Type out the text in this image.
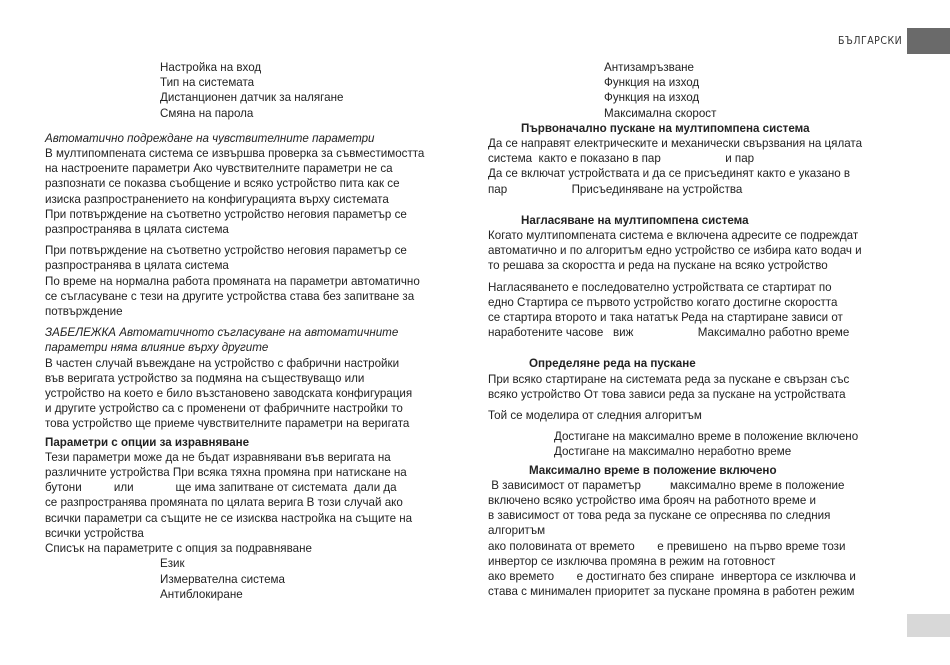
БЪЛГАРСКИ

Настройка на вход

Тип на системата

Дистанционен датчик за налягане

Смяна на парола

Автоматично подреждане на чувствителните параметри

В мултипомпената система се извършва проверка за съвместимостта

на настроените параметри Ако чувствителните параметри не са

разпознати се показва съобщение и всяко устройство пита как се

изиска разпространението на конфигурацията върху системата

При потвърждение на съответно устройство неговия параметър се

разпространява в цялата система

При потвърждение на съответно устройство неговия параметър се

разпространява в цялата система

По време на нормална работа промяната на параметри автоматично

се съгласуване с тези на другите устройства става без запитване за

потвърждение

ЗАБЕЛЕЖКА Автоматичното съгласуване на автоматичните

параметри няма влияние върху другите

В частен случай въвеждане на устройство с фабрични настройки

във веригата устройство за подмяна на съществуващо или

устройство на което е било възстановено заводската конфигурация

и другите устройство са с променени от фабричните настройки то

това устройство ще приеме чувствителните параметри на веригата

Параметри с опции за изравняване

Тези параметри може да не бъдат изравнявани във веригата на

различните устройства При всяка тяхна промяна при натискане на

бутони          или             ще има запитване от системата  дали да

се разпространява промяната по цялата верига В този случай ако

всички параметри са същите не се изисква настройка на същите на

всички устройства

Списък на параметрите с опция за подравняване

Език

Измервателна система

Антиблокиране

Антизамръзване

Функция на изход

Функция на изход

Максимална скорост

Първоначално пускане на мултипомпена система

Да се направят електрическите и механически свързвания на цялата

система  както е показано в пар                    и пар

Да се включат устройствата и да се присъединят както е указано в

пар                    Присъединяване на устройства

Нагласяване на мултипомпена система

Когато мултипомпената система е включена адресите се подреждат

автоматично и по алгоритъм едно устройство се избира като водач и

то решава за скоростта и реда на пускане на всяко устройство

Нагласяването е последователно устройствата се стартират по

едно Стартира се първото устройство когато достигне скоростта

се стартира второто и така нататък Реда на стартиране зависи от

наработените часове   виж                    Максимално работно време

Определяне реда на пускане

При всяко стартиране на системата реда за пускане е свързан със

всяко устройство От това зависи реда за пускане на устройствата

Той се моделира от следния алгоритъм

Достигане на максимално време в положение включено

Достигане на максимално неработно време

Максимално време в положение включено

В зависимост от параметър         максимално време в положение

включено всяко устройство има брояч на работното време и

в зависимост от това реда за пускане се опреснява по следния

алгоритъм

ако половината от времето       е превишено  на първо време този

инвертор се изключва промяна в режим на готовност

ако времето       е достигнато без спиране  инвертора се изключва и

става с минимален приоритет за пускане промяна в работен режим
